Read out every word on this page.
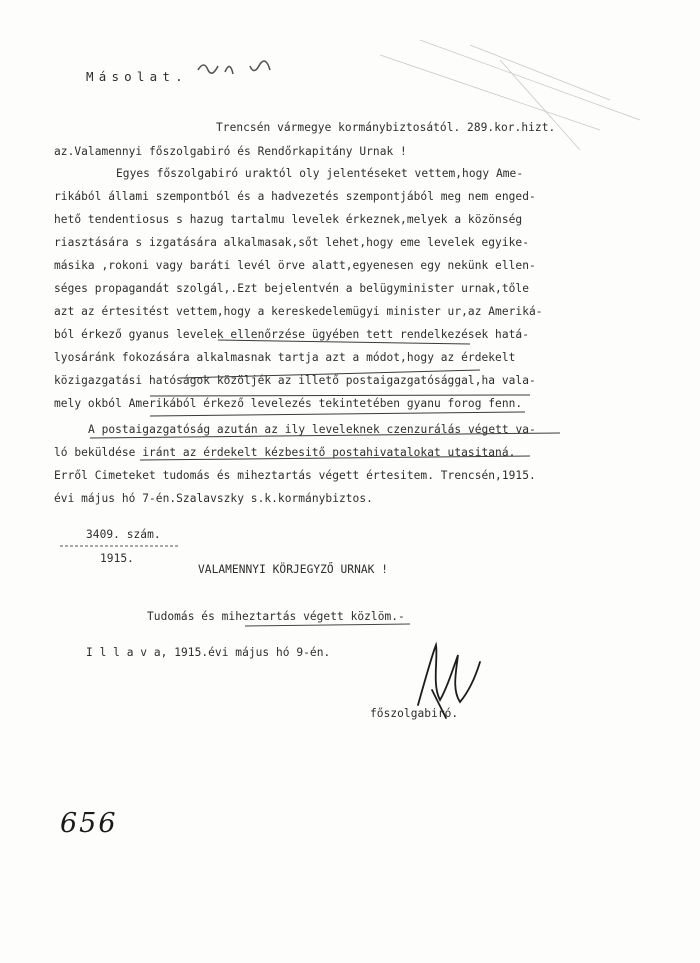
Másolat.
Trencsén vármegye kormánybiztosától. 289.kor.hizt.
az.Valamennyi főszolgabiró és Rendőrkapitány Urnak !
Egyes főszolgabiró uraktól oly jelentéseket vettem,hogy Ame-
rikából állami szempontból és a hadvezetés szempontjából meg nem enged-
hető tendentiosus s hazug tartalmu levelek érkeznek,melyek a közönség
riasztására s izgatására alkalmasak,sőt lehet,hogy eme levelek egyike-
másika ,rokoni vagy baráti levél örve alatt,egyenesen egy nekünk ellen-
séges propagandát szolgál,.Ezt bejelentvén a belügyminister urnak,tőle
azt az értesitést vettem,hogy a kereskedelemügyi minister ur,az Ameriká-
ból érkező gyanus levelek ellenőrzése ügyében tett rendelkezések hatá-
lyosáránk fokozására alkalmasnak tartja azt a módot,hogy az érdekelt
közigazgatási hatóságok közöljék az illető postaigazgatósággal,ha vala-
mely okból Amerikából érkező levelezés tekintetében gyanu forog fenn.
A postaigazgatóság azután az ily leveleknek czenzurálás végett va-
ló beküldése iránt az érdekelt kézbesitő postahivatalokat utasitaná.
Erről Cimeteket tudomás és miheztartás végett értesitem. Trencsén,1915.
évi május hó 7-én.Szalavszky s.k.kormánybiztos.
3409. szám.
1915.
VALAMENNYI KÖRJEGYZŐ URNAK !
Tudomás és miheztartás végett közlöm.-
I l l a v a, 1915.évi május hó 9-én.
főszolgabiró.
656
